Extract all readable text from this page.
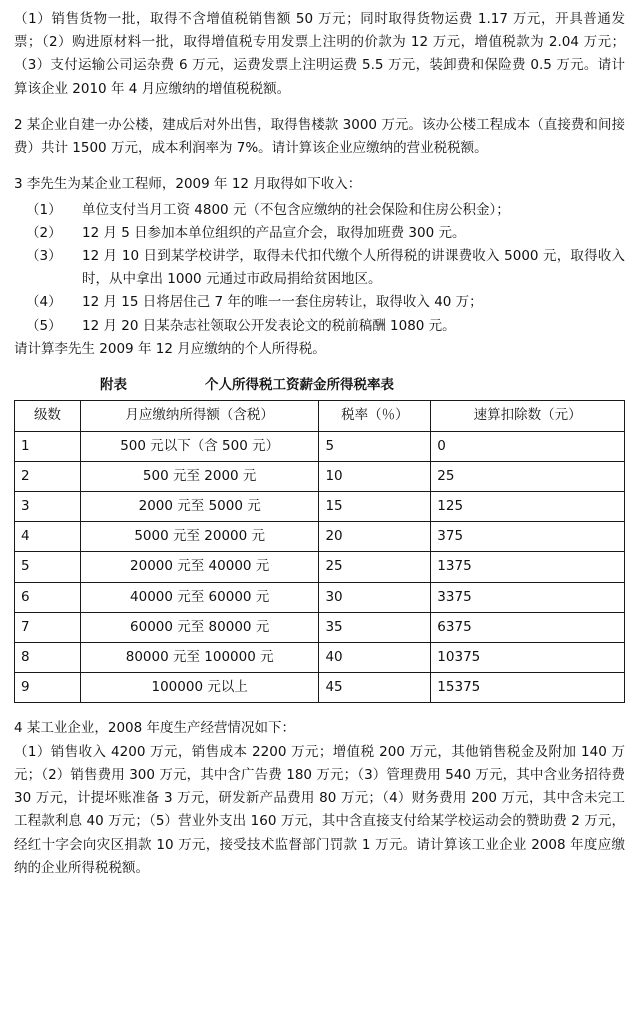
（1）销售货物一批，取得不含增值税销售额 50 万元；同时取得货物运费 1.17 万元，开具普通发票；（2）购进原材料一批，取得增值税专用发票上注明的价款为 12 万元，增值税款为 2.04 万元；（3）支付运输公司运杂费 6 万元，运费发票上注明运费 5.5 万元，装卸费和保险费 0.5 万元。请计算该企业 2010 年 4 月应缴纳的增值税税额。

2 某企业自建一办公楼，建成后对外出售，取得售楼款 3000 万元。该办公楼工程成本（直接费和间接费）共计 1500 万元，成本利润率为 7%。请计算该企业应缴纳的营业税税额。

3 李先生为某企业工程师，2009 年 12 月取得如下收入：

（1）	单位支付当月工资 4800 元（不包含应缴纳的社会保险和住房公积金）；
（2）	12 月 5 日参加本单位组织的产品宣介会，取得加班费 300 元。
（3）	12 月 10 日到某学校讲学，取得未代扣代缴个人所得税的讲课费收入 5000 元，取得收入时，从中拿出 1000 元通过市政局捐给贫困地区。
（4）	12 月 15 日将居住己 7 年的唯一一套住房转让，取得收入 40 万；
（5）	12 月 20 日某杂志社领取公开发表论文的税前稿酬 1080 元。

请计算李先生 2009 年 12 月应缴纳的个人所得税。

附表	个人所得税工资薪金所得税率表
级数	月应缴纳所得额（含税）	税率（％）	速算扣除数（元）
1	500 元以下（含 500 元）	5	0
2	500 元至 2000 元	10	25
3	2000 元至 5000 元	15	125
4	5000 元至 20000 元	20	375
5	20000 元至 40000 元	25	1375
6	40000 元至 60000 元	30	3375
7	60000 元至 80000 元	35	6375
8	80000 元至 100000 元	40	10375
9	100000 元以上	45	15375

4 某工业企业，2008 年度生产经营情况如下：

（1）销售收入 4200 万元，销售成本 2200 万元；增值税 200 万元，其他销售税金及附加 140 万元；（2）销售费用 300 万元，其中含广告费 180 万元；（3）管理费用 540 万元，其中含业务招待费 30 万元，计提坏账准备 3 万元，研发新产品费用 80 万元；（4）财务费用 200 万元，其中含未完工工程款利息 40 万元；（5）营业外支出 160 万元，其中含直接支付给某学校运动会的赞助费 2 万元，经红十字会向灾区捐款 10 万元，接受技术监督部门罚款 1 万元。请计算该工业企业 2008 年度应缴纳的企业所得税税额。
